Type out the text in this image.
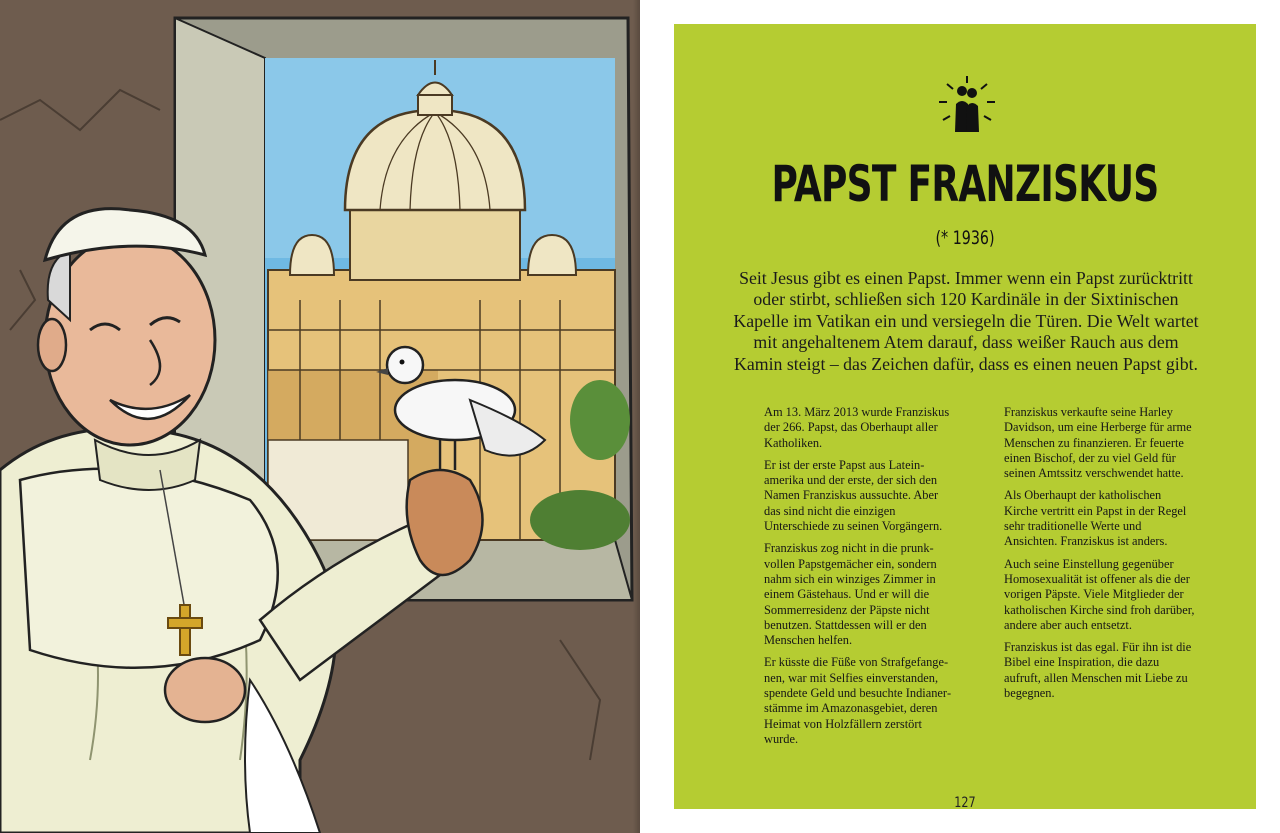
PAPST FRANZISKUS
(* 1936)

Seit Jesus gibt es einen Papst. Immer wenn ein Papst zurücktritt oder stirbt, schließen sich 120 Kardinäle in der Sixtinischen Kapelle im Vatikan ein und versiegeln die Türen. Die Welt wartet mit angehaltenem Atem darauf, dass weißer Rauch aus dem Kamin steigt – das Zeichen dafür, dass es einen neuen Papst gibt.

Am 13. März 2013 wurde Franziskus der 266. Papst, das Oberhaupt aller Katholiken.

Er ist der erste Papst aus Lateinamerika und der erste, der sich den Namen Franziskus aussuchte. Aber das sind nicht die einzigen Unterschiede zu seinen Vorgängern.

Franziskus zog nicht in die prunkvollen Papstgemächer ein, sondern nahm sich ein winziges Zimmer in einem Gästehaus. Und er will die Sommerresidenz der Päpste nicht benutzen. Stattdessen will er den Menschen helfen.

Er küsste die Füße von Strafgefangenen, war mit Selfies einverstanden, spendete Geld und besuchte Indianerstämme im Amazonasgebiet, deren Heimat von Holzfällern zerstört wurde.

Franziskus verkaufte seine Harley Davidson, um eine Herberge für arme Menschen zu finanzieren. Er feuerte einen Bischof, der zu viel Geld für seinen Amtssitz verschwendet hatte.

Als Oberhaupt der katholischen Kirche vertritt ein Papst in der Regel sehr traditionelle Werte und Ansichten. Franziskus ist anders.

Auch seine Einstellung gegenüber Homosexualität ist offener als die der vorigen Päpste. Viele Mitglieder der katholischen Kirche sind froh darüber, andere aber auch entsetzt.

Franziskus ist das egal. Für ihn ist die Bibel eine Inspiration, die dazu aufruft, allen Menschen mit Liebe zu begegnen.

127
